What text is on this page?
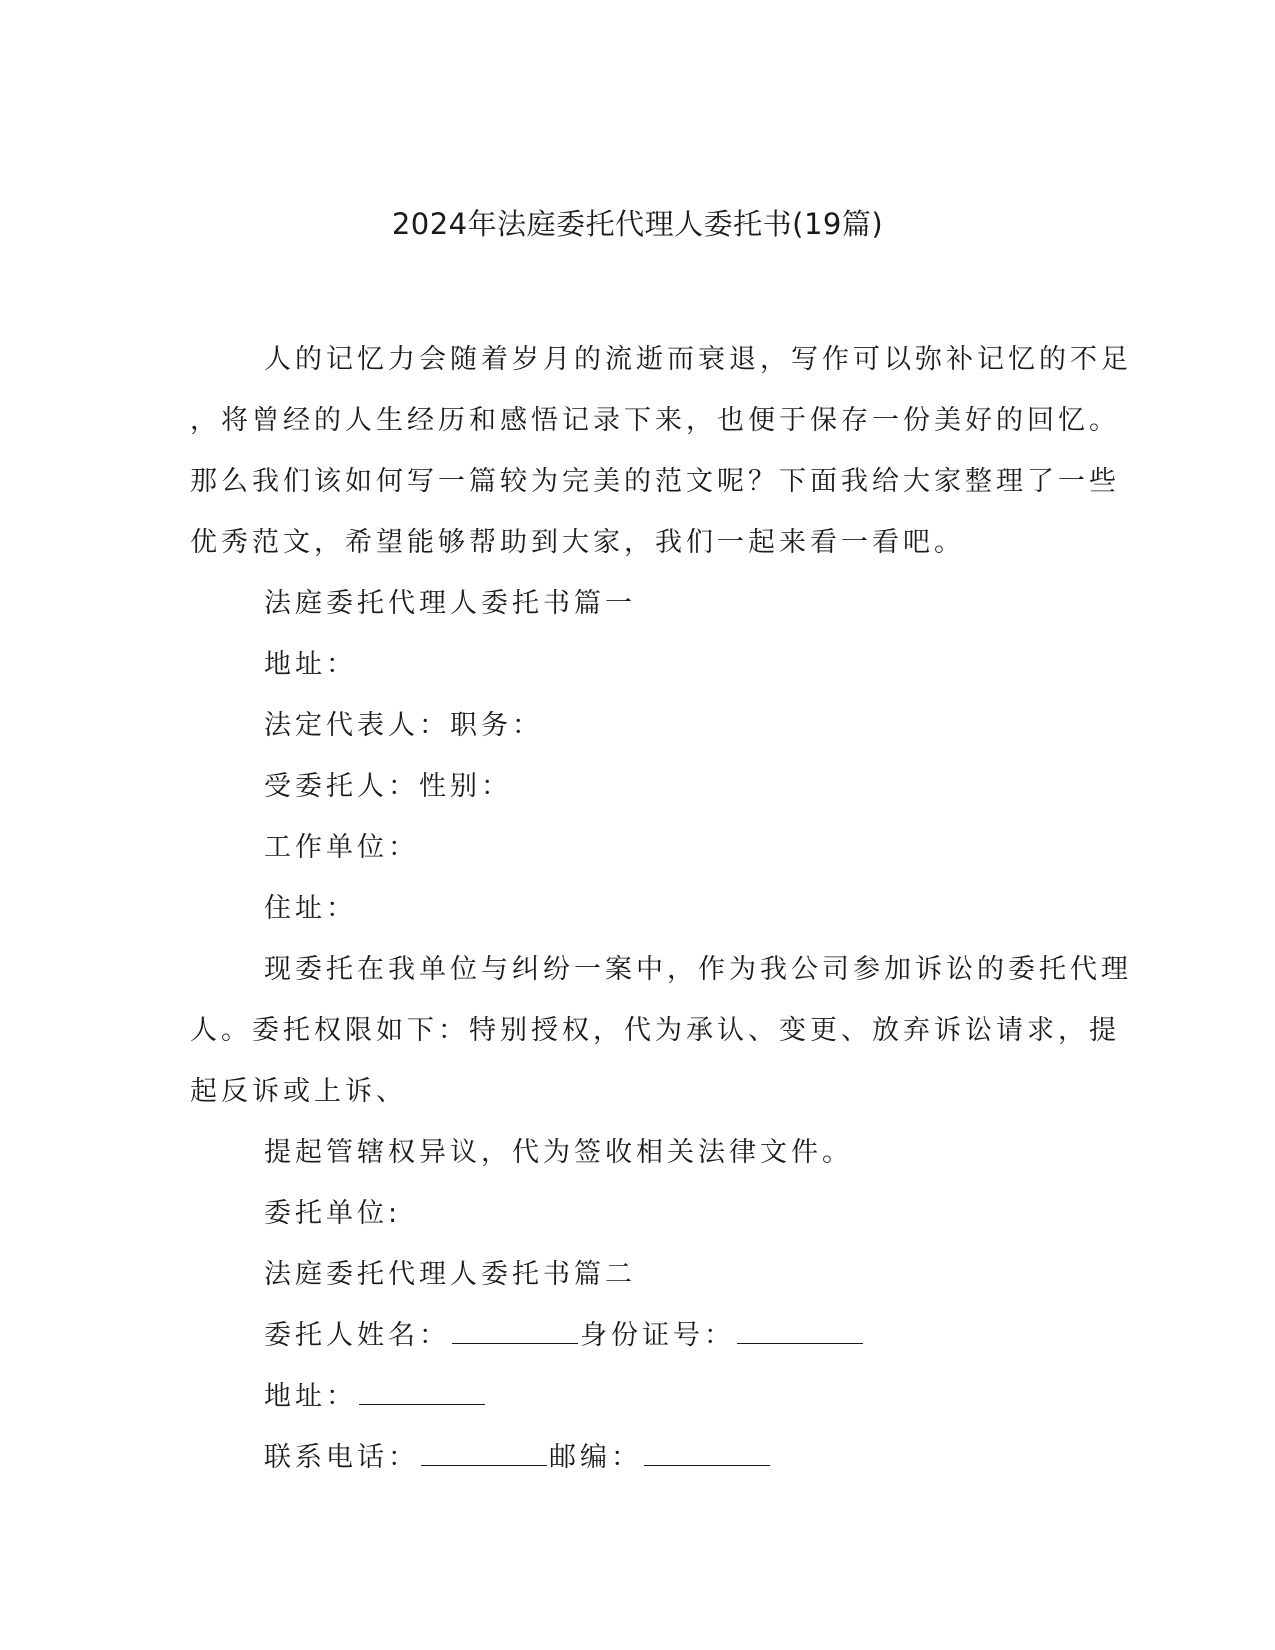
2024年法庭委托代理人委托书(19篇)
人的记忆力会随着岁月的流逝而衰退，写作可以弥补记忆的不足
，将曾经的人生经历和感悟记录下来，也便于保存一份美好的回忆。
那么我们该如何写一篇较为完美的范文呢？下面我给大家整理了一些
优秀范文，希望能够帮助到大家，我们一起来看一看吧。
法庭委托代理人委托书篇一
地址：
法定代表人：职务：
受委托人：性别：
工作单位：
住址：
现委托在我单位与纠纷一案中，作为我公司参加诉讼的委托代理
人。委托权限如下：特别授权，代为承认、变更、放弃诉讼请求，提
起反诉或上诉、
提起管辖权异议，代为签收相关法律文件。
委托单位:
法庭委托代理人委托书篇二
委托人姓名：	身份证号：
地址：
联系电话：	邮编：
